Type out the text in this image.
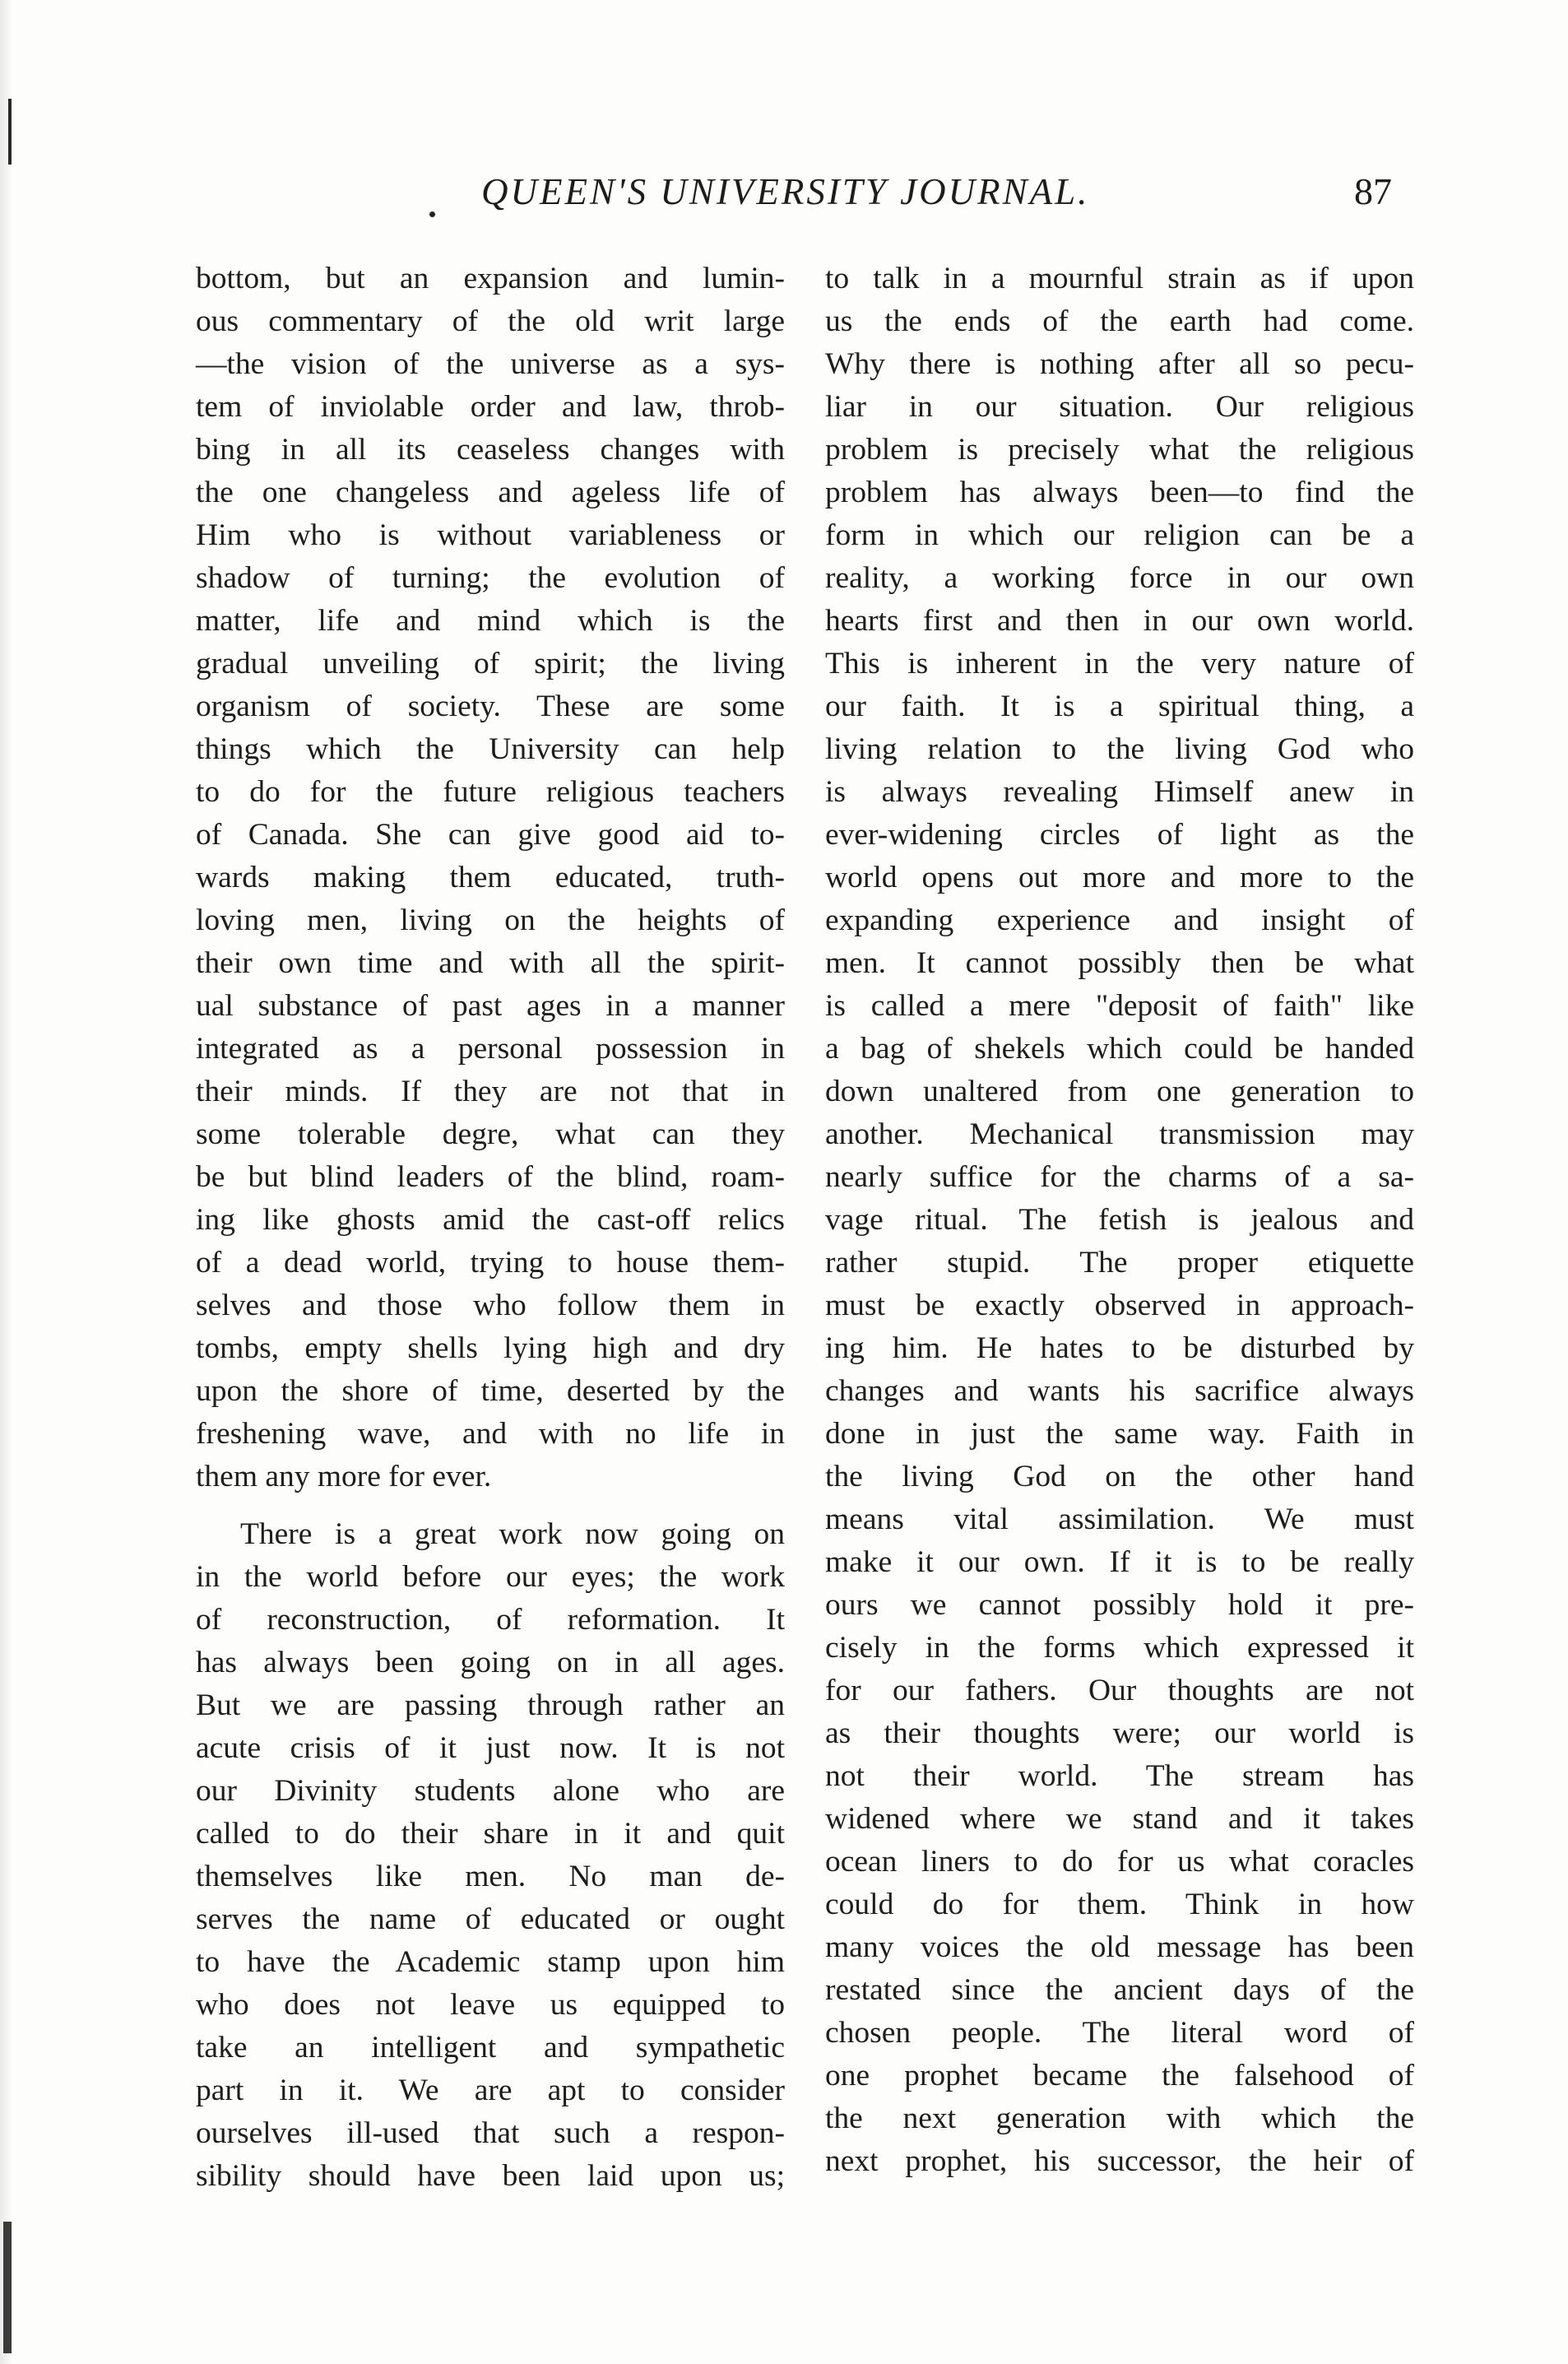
QUEEN'S UNIVERSITY JOURNAL.	87
bottom, but an expansion and lumin-
ous commentary of the old writ large
—the vision of the universe as a sys-
tem of inviolable order and law, throb-
bing in all its ceaseless changes with
the one changeless and ageless life of
Him who is without variableness or
shadow of turning; the evolution of
matter, life and mind which is the
gradual unveiling of spirit; the living
organism of society. These are some
things which the University can help
to do for the future religious teachers
of Canada. She can give good aid to-
wards making them educated, truth-
loving men, living on the heights of
their own time and with all the spirit-
ual substance of past ages in a manner
integrated as a personal possession in
their minds. If they are not that in
some tolerable degre, what can they
be but blind leaders of the blind, roam-
ing like ghosts amid the cast-off relics
of a dead world, trying to house them-
selves and those who follow them in
tombs, empty shells lying high and dry
upon the shore of time, deserted by the
freshening wave, and with no life in
them any more for ever.
There is a great work now going on
in the world before our eyes; the work
of reconstruction, of reformation. It
has always been going on in all ages.
But we are passing through rather an
acute crisis of it just now. It is not
our Divinity students alone who are
called to do their share in it and quit
themselves like men. No man de-
serves the name of educated or ought
to have the Academic stamp upon him
who does not leave us equipped to
take an intelligent and sympathetic
part in it. We are apt to consider
ourselves ill-used that such a respon-
sibility should have been laid upon us;
to talk in a mournful strain as if upon
us the ends of the earth had come.
Why there is nothing after all so pecu-
liar in our situation. Our religious
problem is precisely what the religious
problem has always been—to find the
form in which our religion can be a
reality, a working force in our own
hearts first and then in our own world.
This is inherent in the very nature of
our faith. It is a spiritual thing, a
living relation to the living God who
is always revealing Himself anew in
ever-widening circles of light as the
world opens out more and more to the
expanding experience and insight of
men. It cannot possibly then be what
is called a mere "deposit of faith" like
a bag of shekels which could be handed
down unaltered from one generation to
another. Mechanical transmission may
nearly suffice for the charms of a sa-
vage ritual. The fetish is jealous and
rather stupid. The proper etiquette
must be exactly observed in approach-
ing him. He hates to be disturbed by
changes and wants his sacrifice always
done in just the same way. Faith in
the living God on the other hand
means vital assimilation. We must
make it our own. If it is to be really
ours we cannot possibly hold it pre-
cisely in the forms which expressed it
for our fathers. Our thoughts are not
as their thoughts were; our world is
not their world. The stream has
widened where we stand and it takes
ocean liners to do for us what coracles
could do for them. Think in how
many voices the old message has been
restated since the ancient days of the
chosen people. The literal word of
one prophet became the falsehood of
the next generation with which the
next prophet, his successor, the heir of
